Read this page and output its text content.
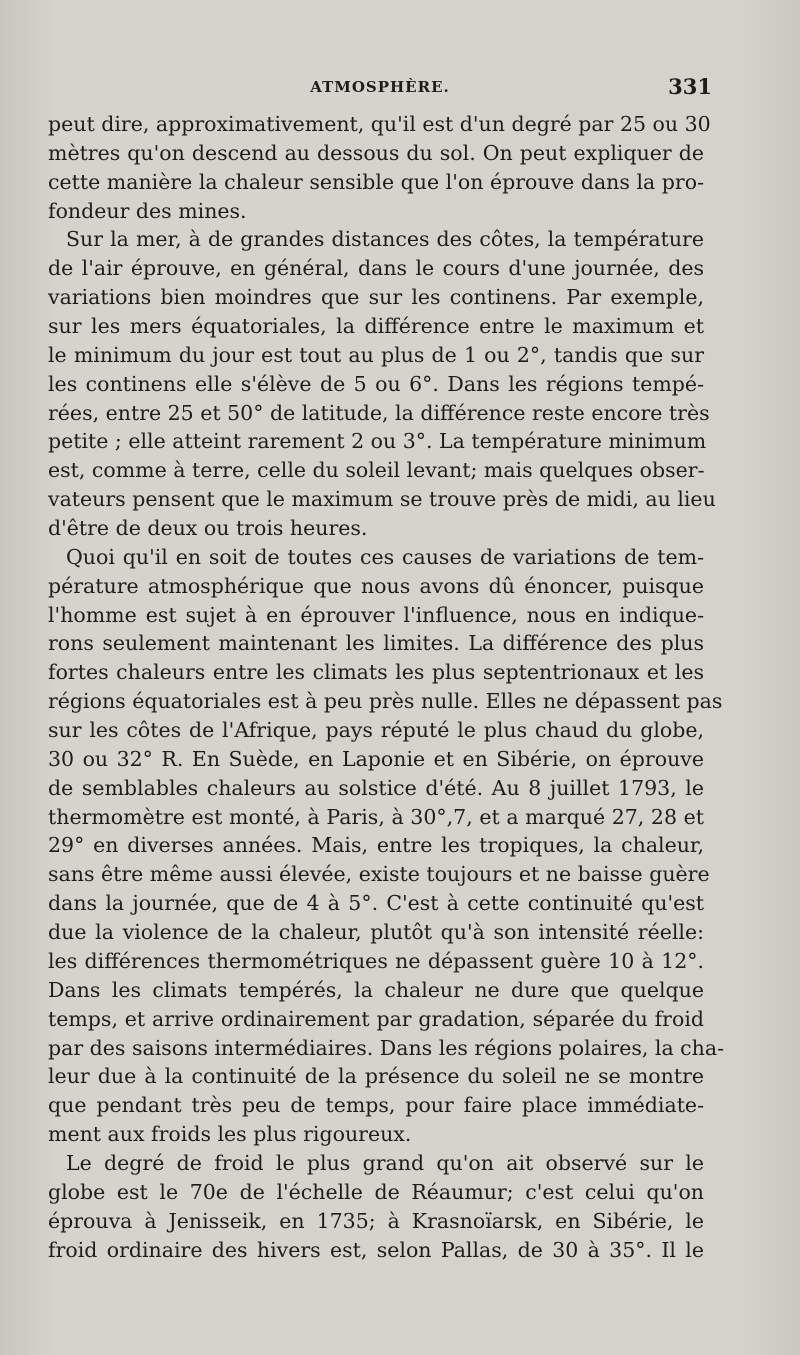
ATMOSPHÈRE.	331
peut dire, approximativement, qu'il est d'un degré par 25 ou 30
mètres qu'on descend au dessous du sol. On peut expliquer de
cette manière la chaleur sensible que l'on éprouve dans la pro-
fondeur des mines.
Sur la mer, à de grandes distances des côtes, la température
de l'air éprouve, en général, dans le cours d'une journée, des
variations bien moindres que sur les continens. Par exemple,
sur les mers équatoriales, la différence entre le maximum et
le minimum du jour est tout au plus de 1 ou 2°, tandis que sur
les continens elle s'élève de 5 ou 6°. Dans les régions tempé-
rées, entre 25 et 50° de latitude, la différence reste encore très
petite ; elle atteint rarement 2 ou 3°. La température minimum
est, comme à terre, celle du soleil levant; mais quelques obser-
vateurs pensent que le maximum se trouve près de midi, au lieu
d'être de deux ou trois heures.
Quoi qu'il en soit de toutes ces causes de variations de tem-
pérature atmosphérique que nous avons dû énoncer, puisque
l'homme est sujet à en éprouver l'influence, nous en indique-
rons seulement maintenant les limites. La différence des plus
fortes chaleurs entre les climats les plus septentrionaux et les
régions équatoriales est à peu près nulle. Elles ne dépassent pas
sur les côtes de l'Afrique, pays réputé le plus chaud du globe,
30 ou 32° R. En Suède, en Laponie et en Sibérie, on éprouve
de semblables chaleurs au solstice d'été. Au 8 juillet 1793, le
thermomètre est monté, à Paris, à 30°,7, et a marqué 27, 28 et
29° en diverses années. Mais, entre les tropiques, la chaleur,
sans être même aussi élevée, existe toujours et ne baisse guère
dans la journée, que de 4 à 5°. C'est à cette continuité qu'est
due la violence de la chaleur, plutôt qu'à son intensité réelle:
les différences thermométriques ne dépassent guère 10 à 12°.
Dans les climats tempérés, la chaleur ne dure que quelque
temps, et arrive ordinairement par gradation, séparée du froid
par des saisons intermédiaires. Dans les régions polaires, la cha-
leur due à la continuité de la présence du soleil ne se montre
que pendant très peu de temps, pour faire place immédiate-
ment aux froids les plus rigoureux.
Le degré de froid le plus grand qu'on ait observé sur le
globe est le 70e de l'échelle de Réaumur; c'est celui qu'on
éprouva à Jenisseik, en 1735; à Krasnoïarsk, en Sibérie, le
froid ordinaire des hivers est, selon Pallas, de 30 à 35°. Il le
